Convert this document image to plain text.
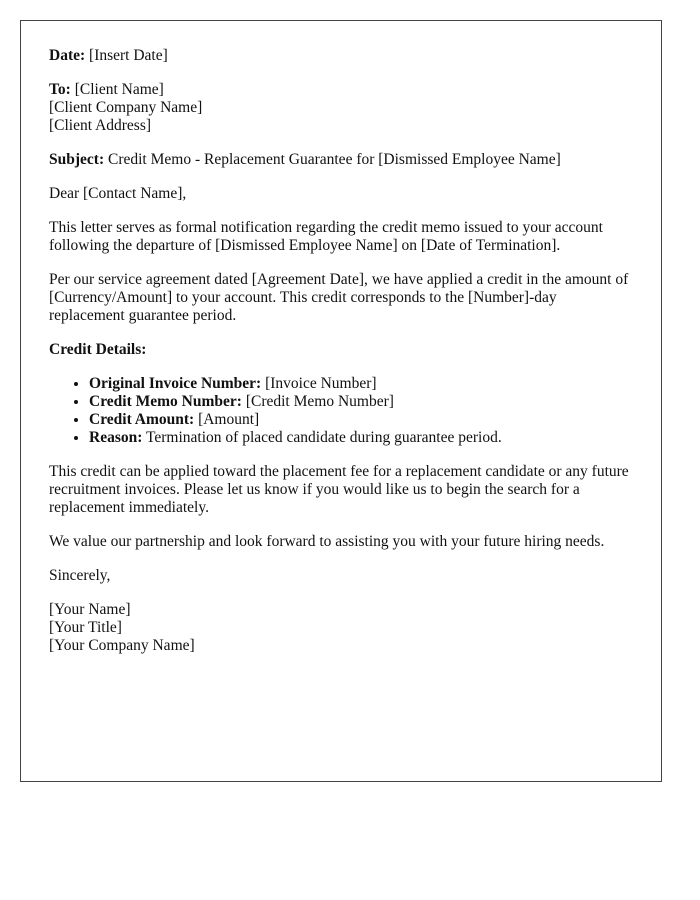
Date: [Insert Date]
To: [Client Name]
[Client Company Name]
[Client Address]
Subject: Credit Memo - Replacement Guarantee for [Dismissed Employee Name]

Dear [Contact Name],

This letter serves as formal notification regarding the credit memo issued to your account following the departure of [Dismissed Employee Name] on [Date of Termination].

Per our service agreement dated [Agreement Date], we have applied a credit in the amount of [Currency/Amount] to your account. This credit corresponds to the [Number]-day replacement guarantee period.

Credit Details:
• Original Invoice Number: [Invoice Number]
• Credit Memo Number: [Credit Memo Number]
• Credit Amount: [Amount]
• Reason: Termination of placed candidate during guarantee period.

This credit can be applied toward the placement fee for a replacement candidate or any future recruitment invoices. Please let us know if you would like us to begin the search for a replacement immediately.

We value our partnership and look forward to assisting you with your future hiring needs.

Sincerely,

[Your Name]
[Your Title]
[Your Company Name]
